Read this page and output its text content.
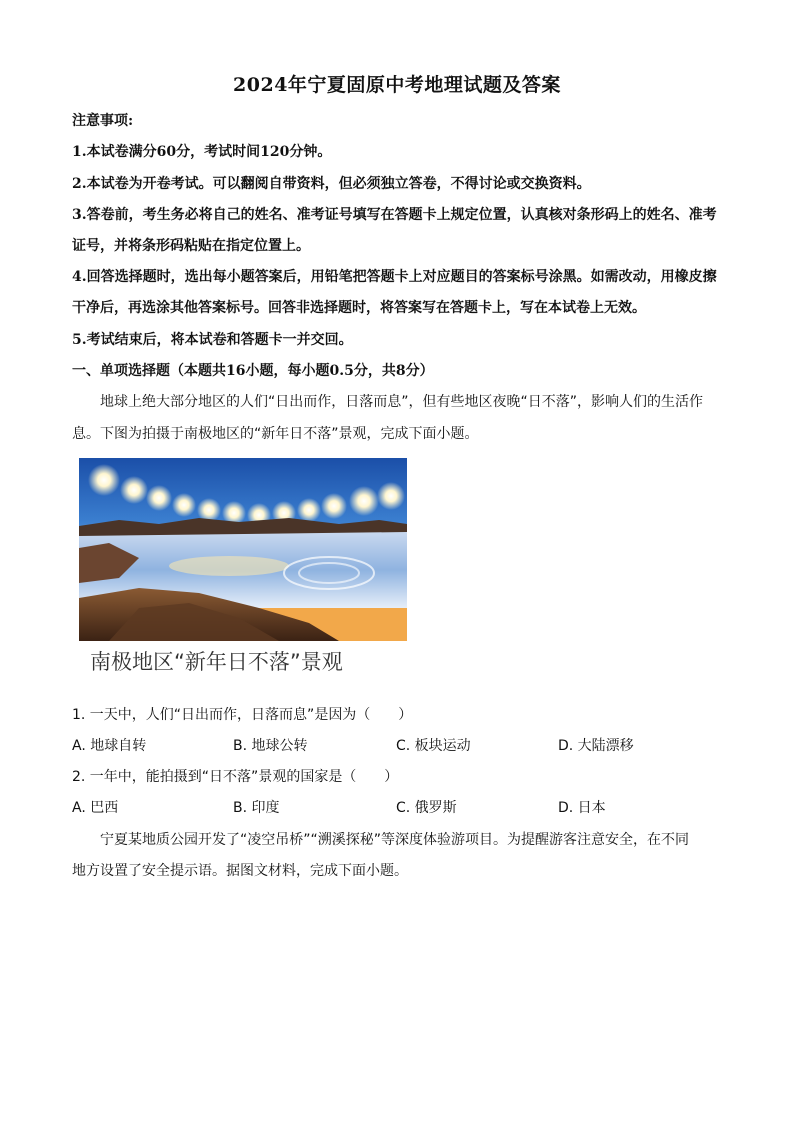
2024年宁夏固原中考地理试题及答案
注意事项:
1.本试卷满分60分，考试时间120分钟。
2.本试卷为开卷考试。可以翻阅自带资料，但必须独立答卷，不得讨论或交换资料。
3.答卷前，考生务必将自己的姓名、准考证号填写在答题卡上规定位置，认真核对条形码上的姓名、准考
证号，并将条形码粘贴在指定位置上。
4.回答选择题时，选出每小题答案后，用铅笔把答题卡上对应题目的答案标号涂黑。如需改动，用橡皮擦
干净后，再选涂其他答案标号。回答非选择题时，将答案写在答题卡上，写在本试卷上无效。
5.考试结束后，将本试卷和答题卡一并交回。
一、单项选择题（本题共16小题，每小题0.5分，共8分）
地球上绝大部分地区的人们“日出而作，日落而息”，但有些地区夜晚“日不落”，影响人们的生活作
息。下图为拍摄于南极地区的“新年日不落”景观，完成下面小题。
南极地区“新年日不落”景观
1. 一天中，人们“日出而作，日落而息”是因为（　　）
A. 地球自转	B. 地球公转	C. 板块运动	D. 大陆漂移
2. 一年中，能拍摄到“日不落”景观的国家是（　　）
A. 巴西	B. 印度	C. 俄罗斯	D. 日本
宁夏某地质公园开发了“凌空吊桥”“溯溪探秘”等深度体验游项目。为提醒游客注意安全，在不同
地方设置了安全提示语。据图文材料，完成下面小题。
